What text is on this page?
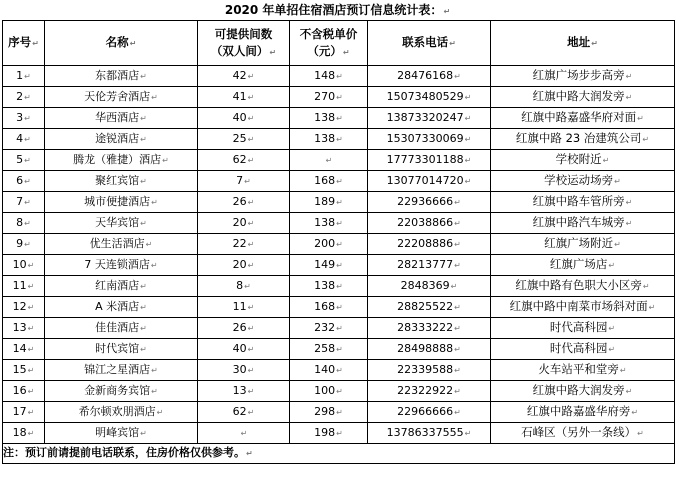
2020 年单招住宿酒店预订信息统计表：↵
序号↵	名称↵	可提供间数
（双人间）↵	不含税单价
（元）↵	联系电话↵	地址↵
1↵	东都酒店↵	42↵	148↵	28476168↵	红旗广场步步高旁↵
2↵	天伦芳舍酒店↵	41↵	270↵	15073480529↵	红旗中路大润发旁↵
3↵	华西酒店↵	40↵	138↵	13873320247↵	红旗中路嘉盛华府对面↵
4↵	途锐酒店↵	25↵	138↵	15307330069↵	红旗中路 23 冶建筑公司↵
5↵	腾龙（雅捷）酒店↵	62↵	↵	17773301188↵	学校附近↵
6↵	聚红宾馆↵	7↵	168↵	13077014720↵	学校运动场旁↵
7↵	城市便捷酒店↵	26↵	189↵	22936666↵	红旗中路车管所旁↵
8↵	天华宾馆↵	20↵	138↵	22038866↵	红旗中路汽车城旁↵
9↵	优生活酒店↵	22↵	200↵	22208886↵	红旗广场附近↵
10↵	7 天连锁酒店↵	20↵	149↵	28213777↵	红旗广场店↵
11↵	红南酒店↵	8↵	138↵	2848369↵	红旗中路有色职大小区旁↵
12↵	A 米酒店↵	11↵	168↵	28825522↵	红旗中路中南菜市场斜对面↵
13↵	佳佳酒店↵	26↵	232↵	28333222↵	时代高科园↵
14↵	时代宾馆↵	40↵	258↵	28498888↵	时代高科园↵
15↵	锦江之星酒店↵	30↵	140↵	22339588↵	火车站平和堂旁↵
16↵	金新商务宾馆↵	13↵	100↵	22322922↵	红旗中路大润发旁↵
17↵	希尔顿欢朋酒店↵	62↵	298↵	22966666↵	红旗中路嘉盛华府旁↵
18↵	明峰宾馆↵	↵	198↵	13786337555↵	石峰区（另外一条线）↵
注：预订前请提前电话联系，住房价格仅供参考。↵					
